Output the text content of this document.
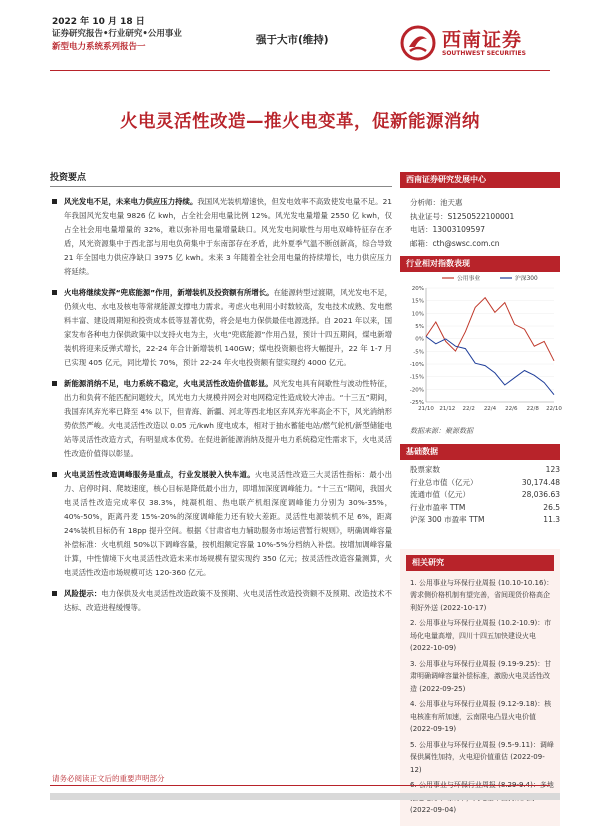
2022 年 10 月 18 日
证券研究报告•行业研究•公用事业
新型电力系统系列报告一
强于大市(维持)	西南证券
SOUTHWEST SECURITIES
火电灵活性改造—推火电变革，促新能源消纳
投资要点
风光发电不足，未来电力供应压力持续。我国风光装机增速快，但发电效率不高致使发电量不足。21 年我国风光发电量 9826 亿 kwh，占全社会用电量比例 12%。风光发电量增量 2550 亿 kwh，仅占全社会用电量增量的 32%，难以弥补用电量增量缺口。风光发电间歇性与用电双峰特征存在矛盾，风光资源集中于西北部与用电负荷集中于东南部存在矛盾，此外夏季气温不断创新高，综合导致 21 年全国电力供应净缺口 3975 亿 kwh。未来 3 年随着全社会用电量的持续增长，电力供应压力将延续。
火电将继续发挥“兜底能源”作用，新增装机及投资额有所增长。在能源转型过渡期，风光发电不足，仍须火电、水电及核电等常规能源支撑电力需求。考虑火电利用小时数较高，发电技术成熟、发电燃料丰富、建设周期短和投资成本低等显著优势，将会是电力保供最佳电源选择。自 2021 年以来，国家发布各种电力保供政策中以支持火电为主，火电“兜底能源”作用凸显，预计十四五期间，煤电新增装机将迎来反弹式增长，22-24 年合计新增装机 140GW；煤电投资额也将大幅提升，22 年 1-7 月已实现 405 亿元，同比增长 70%，预计 22-24 年火电投资额有望实现约 4000 亿元。
新能源消纳不足，电力系统不稳定，火电灵活性改造价值彰显。风光发电具有间歇性与波动性特征，出力和负荷不能匹配问题较大，风光电力大规模并网会对电网稳定性造成较大冲击。“十三五”期间，我国弃风弃光率已降至 4% 以下，但青海、新疆、河北等西北地区弃风弃光率高企不下，风光消纳形势依然严峻。火电灵活性改造以 0.05 元/kwh 度电成本，相对于抽水蓄能电站/燃气轮机/新型储能电站等灵活性改造方式，有明显成本优势。在促进新能源消纳及提升电力系统稳定性需求下，火电灵活性改造价值得以彰显。
火电灵活性改造调峰服务是重点，行业发展驶入快车道。火电灵活性改造三大灵活性指标：最小出力、启停时间、爬坡速度，核心目标是降低最小出力，即增加深度调峰能力。“十三五”期间，我国火电灵活性改造完成率仅 38.3%，纯凝机组、热电联产机组深度调峰能力分别为 30%-35%，40%-50%，距离丹麦 15%-20%的深度调峰能力还有较大差距。灵活性电源装机不足 6%，距离 24%装机目标仍有 18pp 提升空间。根据《甘肃省电力辅助服务市场运营暂行规则》，明确调峰容量补偿标准：火电机组 50%以下调峰容量，按机组额定容量 10%-5%分档纳入补偿。按增加调峰容量计算，中性情境下火电灵活性改造未来市场规模有望实现约 350 亿元；按灵活性改造容量测算，火电灵活性改造市场规模可达 120-360 亿元。
风险提示：电力保供及火电灵活性改造政策不及预期、火电灵活性改造投资额不及预期、改造技术不达标、改造进程缓慢等。
西南证券研究发展中心
分析师：池天惠
执业证号：S1250522100001
电话：13003109597
邮箱：cth@swsc.com.cn
行业相对指数表现
20%
15%
10%
5%
0%
-5%
-10%
-15%
-20%
-25%
21/10 21/12 22/2 22/4 22/6 22/8 22/10
公用事业	沪深300
数据来源：聚源数据
基础数据
股票家数	123
行业总市值（亿元）	30,174.48
流通市值（亿元）	28,036.63
行业市盈率 TTM	26.5
沪深 300 市盈率 TTM	11.3
相关研究
1. 公用事业与环保行业周报 (10.10-10.16)：需求侧价格机制有望完善，省间现货价格高企利好外送 (2022-10-17)
2. 公用事业与环保行业周报 (10.2-10.9)：市场化电量高增，四川十四五加快建设火电 (2022-10-09)
3. 公用事业与环保行业周报 (9.19-9.25)：甘肃明确调峰容量补偿标准，激励火电灵活性改造 (2022-09-25)
4. 公用事业与环保行业周报 (9.12-9.18)：核电核准有所加速，云南限电凸显火电价值 (2022-09-19)
5. 公用事业与环保行业周报 (9.5-9.11)：调峰保供属性加持，火电迎价值重估 (2022-09-12)
6. 公用事业与环保行业周报 (8.29-9.4)：多地 (2022-09-04)
请务必阅读正文后的重要声明部分
